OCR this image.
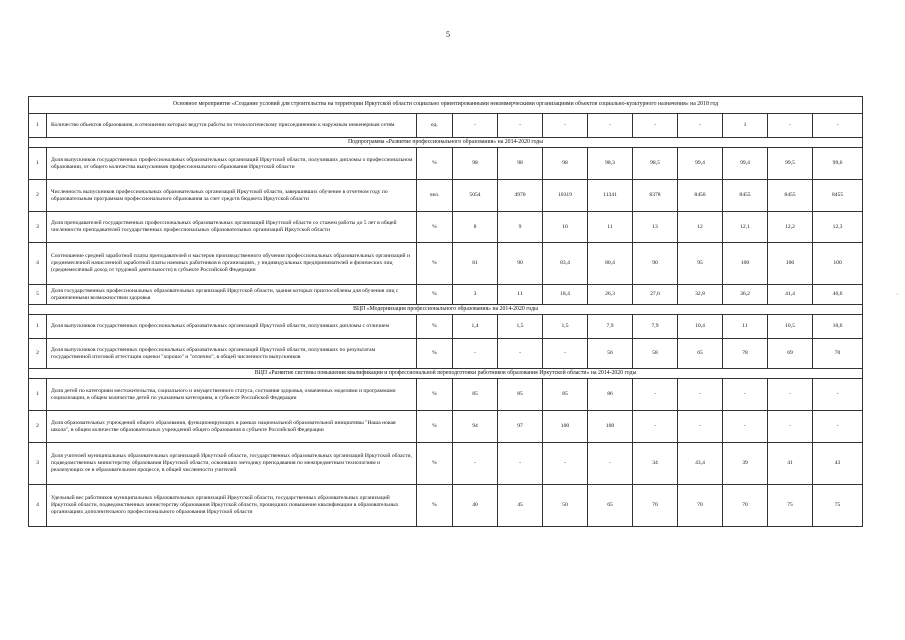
5
·
Основное мероприятие «Создание условий для строительства на территории Иркутской области социально ориентированными некоммерческими организациями объектов социально-культурного назначения» на 2018 год											
1	Количество объектов образования, в отношении которых ведутся работы по технологическому присоединению к наружным инженерным сетям	ед.	-	-	-	-	-	-	1	-	-
Подпрограмма «Развитие профессионального образования» на 2014-2020 годы											
1	Доля выпускников государственных профессиональных образовательных организаций Иркутской области, получивших дипломы о профессиональном образовании, от общего количества выпускников профессионального образования Иркутской области	%	98	98	98	98,3	98,5	99,4	99,4	99,5	99,6
2	Численность выпускников профессиональных образовательных организаций Иркутской области, завершивших обучение в отчетном году по образовательным программам профессионального образования за счет средств бюджета Иркутской области	чел.	5054	4970	10319	11341	8378	8450	8455	8455	8455
3	Доля преподавателей государственных профессиональных образовательных организаций Иркутской области со стажем работы до 5 лет в общей численности преподавателей государственных профессиональных образовательных организаций Иркутской области	%	8	9	10	11	13	12	12,1	12,2	12,3
4	Соотношение средней заработной платы преподавателей и мастеров производственного обучения профессиональных образовательных организаций и среднемесячной начисленной заработной платы наемных работников в организациях, у индивидуальных предпринимателей и физических лиц (среднемесячный доход от трудовой деятельности) в субъекте Российской Федерации	%	81	90	83,4	80,4	90	95	100	100	100
5	Доля государственных профессиональных образовательных организаций Иркутской области, здания которых приспособлены для обучения лиц с ограниченными возможностями здоровья	%	3	11	18,4	26,3	27,6	32,8	36,2	41,4	46,6
ВЦП «Модернизация профессионального образования» на 2014-2020 годы											
1	Доля выпускников государственных профессиональных образовательных организаций Иркутской области, получивших дипломы с отличием	%	1,4	1,5	1,5	7,9	7,9	10,4	11	10,5	10,6
2	Доля выпускников государственных профессиональных образовательных организаций Иркутской области, получивших по результатам государственной итоговой аттестации оценки "хорошо" и "отлично", в общей численности выпускников	%	-	-	-	56	58	65	78	69	70
ВЦП «Развитие системы повышения квалификации и профессиональной переподготовки работников образования Иркутской области» на 2014-2020 годы											
1	Доля детей по категориям местожительства, социального и имущественного статуса, состояния здоровья, охваченных моделями и программами социализации, в общем количестве детей по указанным категориям, в субъекте Российской Федерации	%	85	85	85	86	-	-	-	-	-
2	Доля образовательных учреждений общего образования, функционирующих в рамках национальной образовательной инициативы "Наша новая школа", в общем количестве образовательных учреждений общего образования в субъекте Российской Федерации	%	94	97	100	100	-	-	-	-	-
3	Доля учителей муниципальных образовательных организаций Иркутской области, государственных образовательных организаций Иркутской области, подведомственных министерству образования Иркутской области, освоивших методику преподавания по межпредметным технологиям и реализующих ее в образовательном процессе, в общей численности учителей	%	-	-	-	-	34	43,4	39	41	43
4	Удельный вес работников муниципальных образовательных организаций Иркутской области, государственных образовательных организаций Иркутской области, подведомственных министерству образования Иркутской области, прошедших повышение квалификации в образовательных организациях дополнительного профессионального образования Иркутской области	%	40	45	50	65	70	70	70	75	75
